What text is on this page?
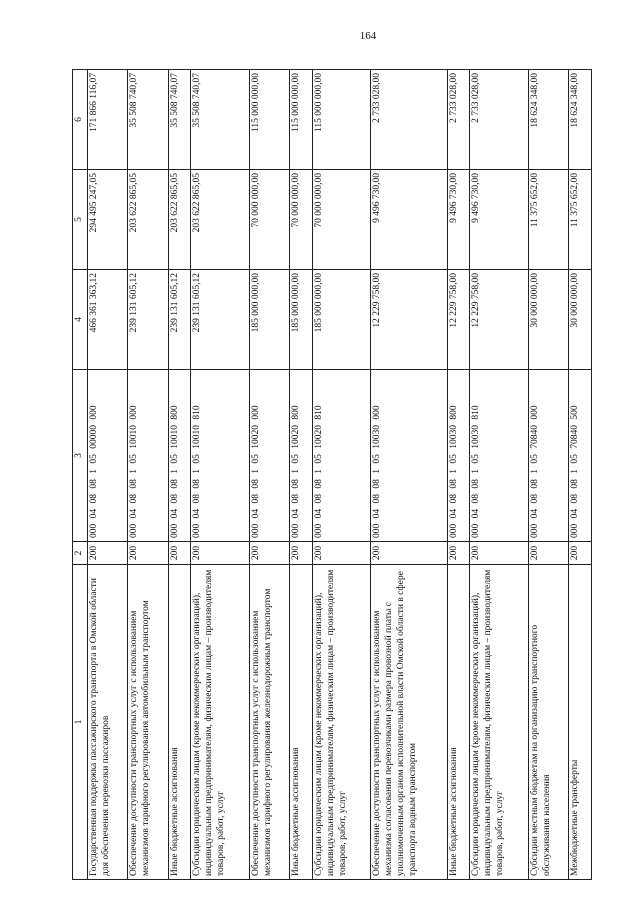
164
1	2	3	4	5	6
Государственная поддержка пассажирского транспорта в Омской области для обеспечения перевозки пассажиров	200	000 04 08 08 1 05 00000 000	466 361 363,12	294 495 247,05	171 866 116,07
Обеспечение доступности транспортных услуг с использованием механизмов тарифного регулирования автомобильным транспортом	200	000 04 08 08 1 05 10010 000	239 131 605,12	203 622 865,05	35 508 740,07
Иные бюджетные ассигнования	200	000 04 08 08 1 05 10010 800	239 131 605,12	203 622 865,05	35 508 740,07
Субсидии юридическим лицам (кроме некоммерческих организаций), индивидуальным предпринимателям, физическим лицам – производителям товаров, работ, услуг	200	000 04 08 08 1 05 10010 810	239 131 605,12	203 622 865,05	35 508 740,07
Обеспечение доступности транспортных услуг с использованием механизмов тарифного регулирования железнодорожным транспортом	200	000 04 08 08 1 05 10020 000	185 000 000,00	70 000 000,00	115 000 000,00
Иные бюджетные ассигнования	200	000 04 08 08 1 05 10020 800	185 000 000,00	70 000 000,00	115 000 000,00
Субсидии юридическим лицам (кроме некоммерческих организаций), индивидуальным предпринимателям, физическим лицам – производителям товаров, работ, услуг	200	000 04 08 08 1 05 10020 810	185 000 000,00	70 000 000,00	115 000 000,00
Обеспечение доступности транспортных услуг с использованием механизма согласования перевозчиками размера провозной платы с уполномоченным органом исполнительной власти Омской области в сфере транспорта водным транспортом	200	000 04 08 08 1 05 10030 000	12 229 758,00	9 496 730,00	2 733 028,00
Иные бюджетные ассигнования	200	000 04 08 08 1 05 10030 800	12 229 758,00	9 496 730,00	2 733 028,00
Субсидии юридическим лицам (кроме некоммерческих организаций), индивидуальным предпринимателям, физическим лицам – производителям товаров, работ, услуг	200	000 04 08 08 1 05 10030 810	12 229 758,00	9 496 730,00	2 733 028,00
Субсидии местным бюджетам на организацию транспортного обслуживания населения	200	000 04 08 08 1 05 70840 000	30 000 000,00	11 375 652,00	18 624 348,00
Межбюджетные трансферты	200	000 04 08 08 1 05 70840 500	30 000 000,00	11 375 652,00	18 624 348,00
